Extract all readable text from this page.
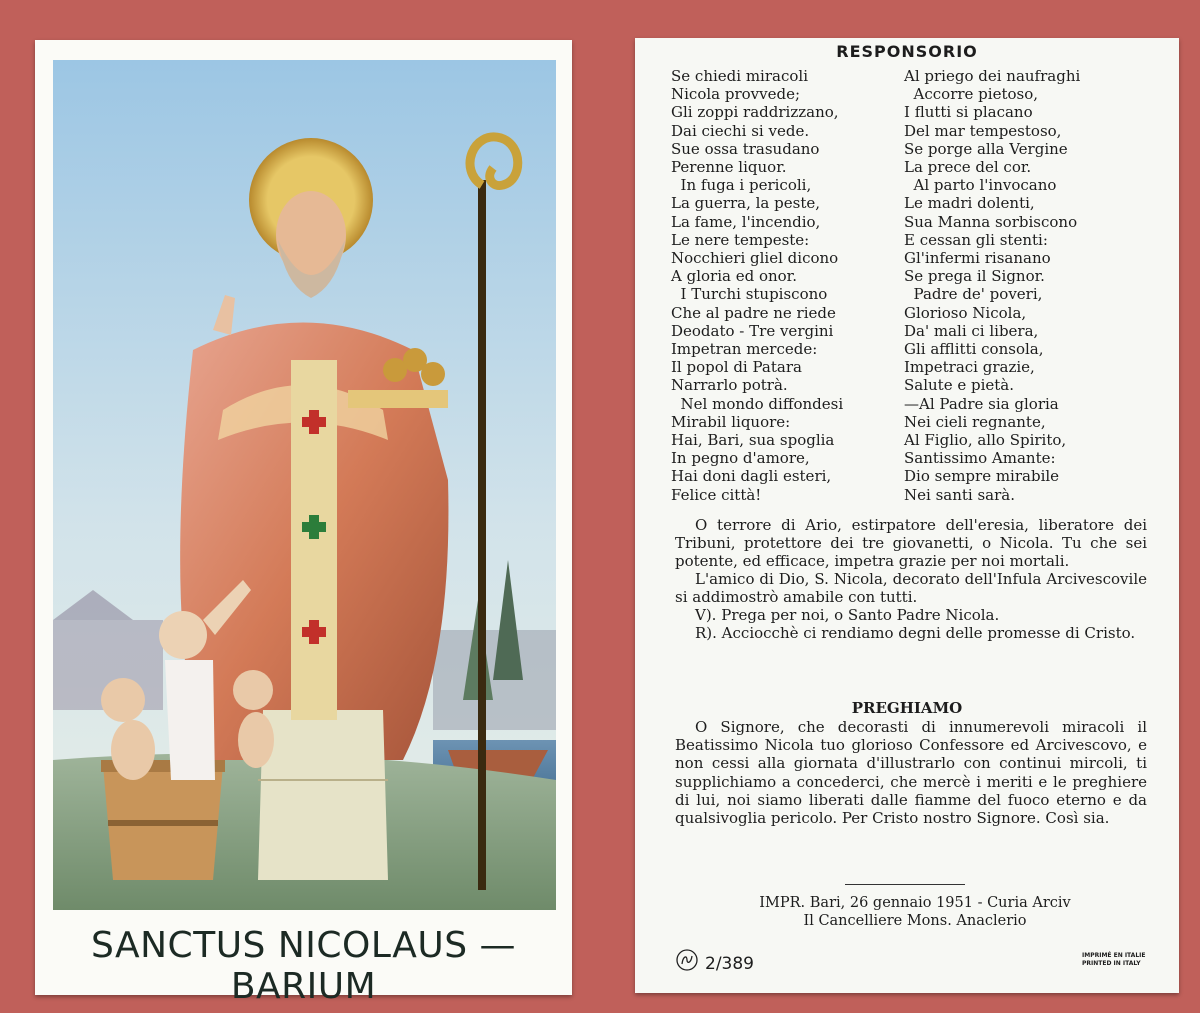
SANCTUS NICOLAUS —BARIUM
RESPONSORIO
Se chiedi miracoli
Nicola provvede;
Gli zoppi raddrizzano,
Dai ciechi si vede.
Sue ossa trasudano
Perenne liquor.
In fuga i pericoli,
La guerra, la peste,
La fame, l'incendio,
Le nere tempeste:
Nocchieri gliel dicono
A gloria ed onor.
I Turchi stupiscono
Che al padre ne riede
Deodato - Tre vergini
Impetran mercede:
Il popol di Patara
Narrarlo potrà.
Nel mondo diffondesi
Mirabil liquore:
Hai, Bari, sua spoglia
In pegno d'amore,
Hai doni dagli esteri,
Felice città!
Al priego dei naufraghi
Accorre pietoso,
I flutti si placano
Del mar tempestoso,
Se porge alla Vergine
La prece del cor.
Al parto l'invocano
Le madri dolenti,
Sua Manna sorbiscono
E cessan gli stenti:
Gl'infermi risanano
Se prega il Signor.
Padre de' poveri,
Glorioso Nicola,
Da' mali ci libera,
Gli afflitti consola,
Impetraci grazie,
Salute e pietà.
—Al Padre sia gloria
Nei cieli regnante,
Al Figlio, allo Spirito,
Santissimo Amante:
Dio sempre mirabile
Nei santi sarà.

O terrore di Ario, estirpatore dell'eresia, liberatore dei Tribuni, protettore dei tre giovanetti, o Nicola. Tu che sei potente, ed efficace, impetra grazie per noi mortali.

L'amico di Dio, S. Nicola, decorato dell'Infula Arcivescovile si addimostrò amabile con tutti.

V). Prega per noi, o Santo Padre Nicola.

R). Acciocchè ci rendiamo degni delle promesse di Cristo.

PREGHIAMO
O Signore, che decorasti di innumerevoli miracoli il Beatissimo Nicola tuo glorioso Confessore ed Arcivescovo, e non cessi alla giornata d'illustrarlo con continui mircoli, ti supplichiamo a concederci, che mercè i meriti e le preghiere di lui, noi siamo liberati dalle fiamme del fuoco eterno e da qualsivoglia pericolo. Per Cristo nostro Signore. Così sia.
IMPR. Bari, 26 gennaio 1951 - Curia Arciv
Il Cancelliere Mons. Anaclerio
2/389	IMPRIMÉ EN ITALIE
PRINTED IN ITALY
